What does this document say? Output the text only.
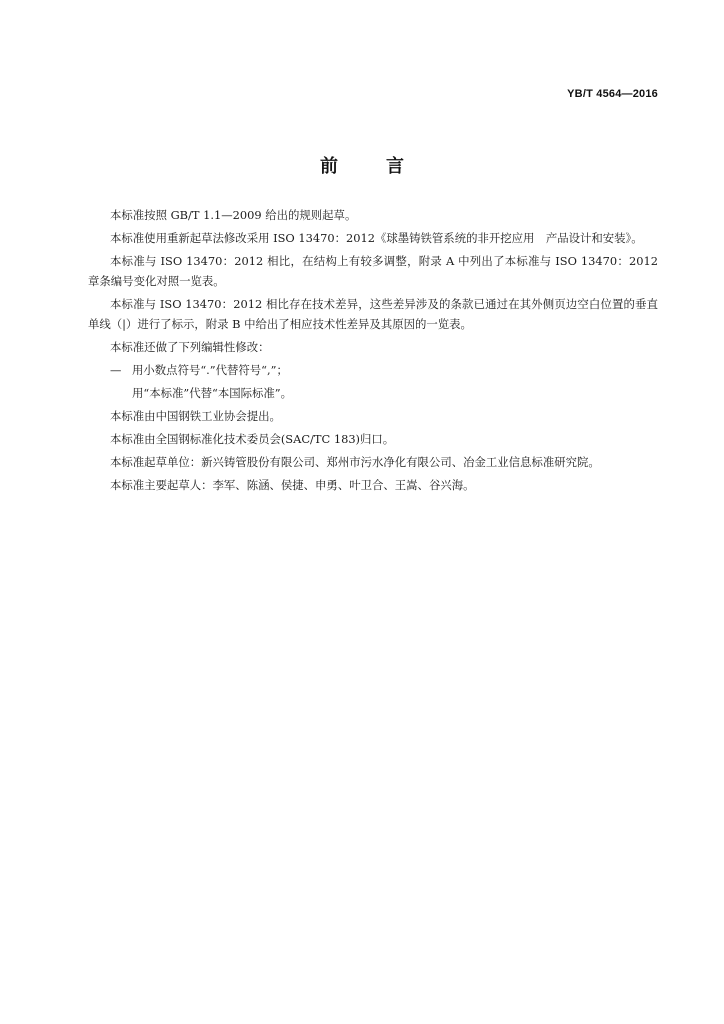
YB/T 4564—2016
前言

本标准按照 GB/T 1.1—2009 给出的规则起草。

本标准使用重新起草法修改采用 ISO 13470：2012《球墨铸铁管系统的非开挖应用　产品设计和安装》。

本标准与 ISO 13470：2012 相比，在结构上有较多调整，附录 A 中列出了本标准与 ISO 13470：2012 章条编号变化对照一览表。

本标准与 ISO 13470：2012 相比存在技术差异，这些差异涉及的条款已通过在其外侧页边空白位置的垂直单线（|）进行了标示，附录 B 中给出了相应技术性差异及其原因的一览表。

本标准还做了下列编辑性修改：

— 用小数点符号“.”代替符号“,”；

用“本标准”代替“本国际标准”。

本标准由中国钢铁工业协会提出。

本标准由全国钢标准化技术委员会(SAC/TC 183)归口。

本标准起草单位：新兴铸管股份有限公司、郑州市污水净化有限公司、冶金工业信息标准研究院。

本标准主要起草人：李军、陈涵、侯捷、申勇、叶卫合、王嵩、谷兴海。
